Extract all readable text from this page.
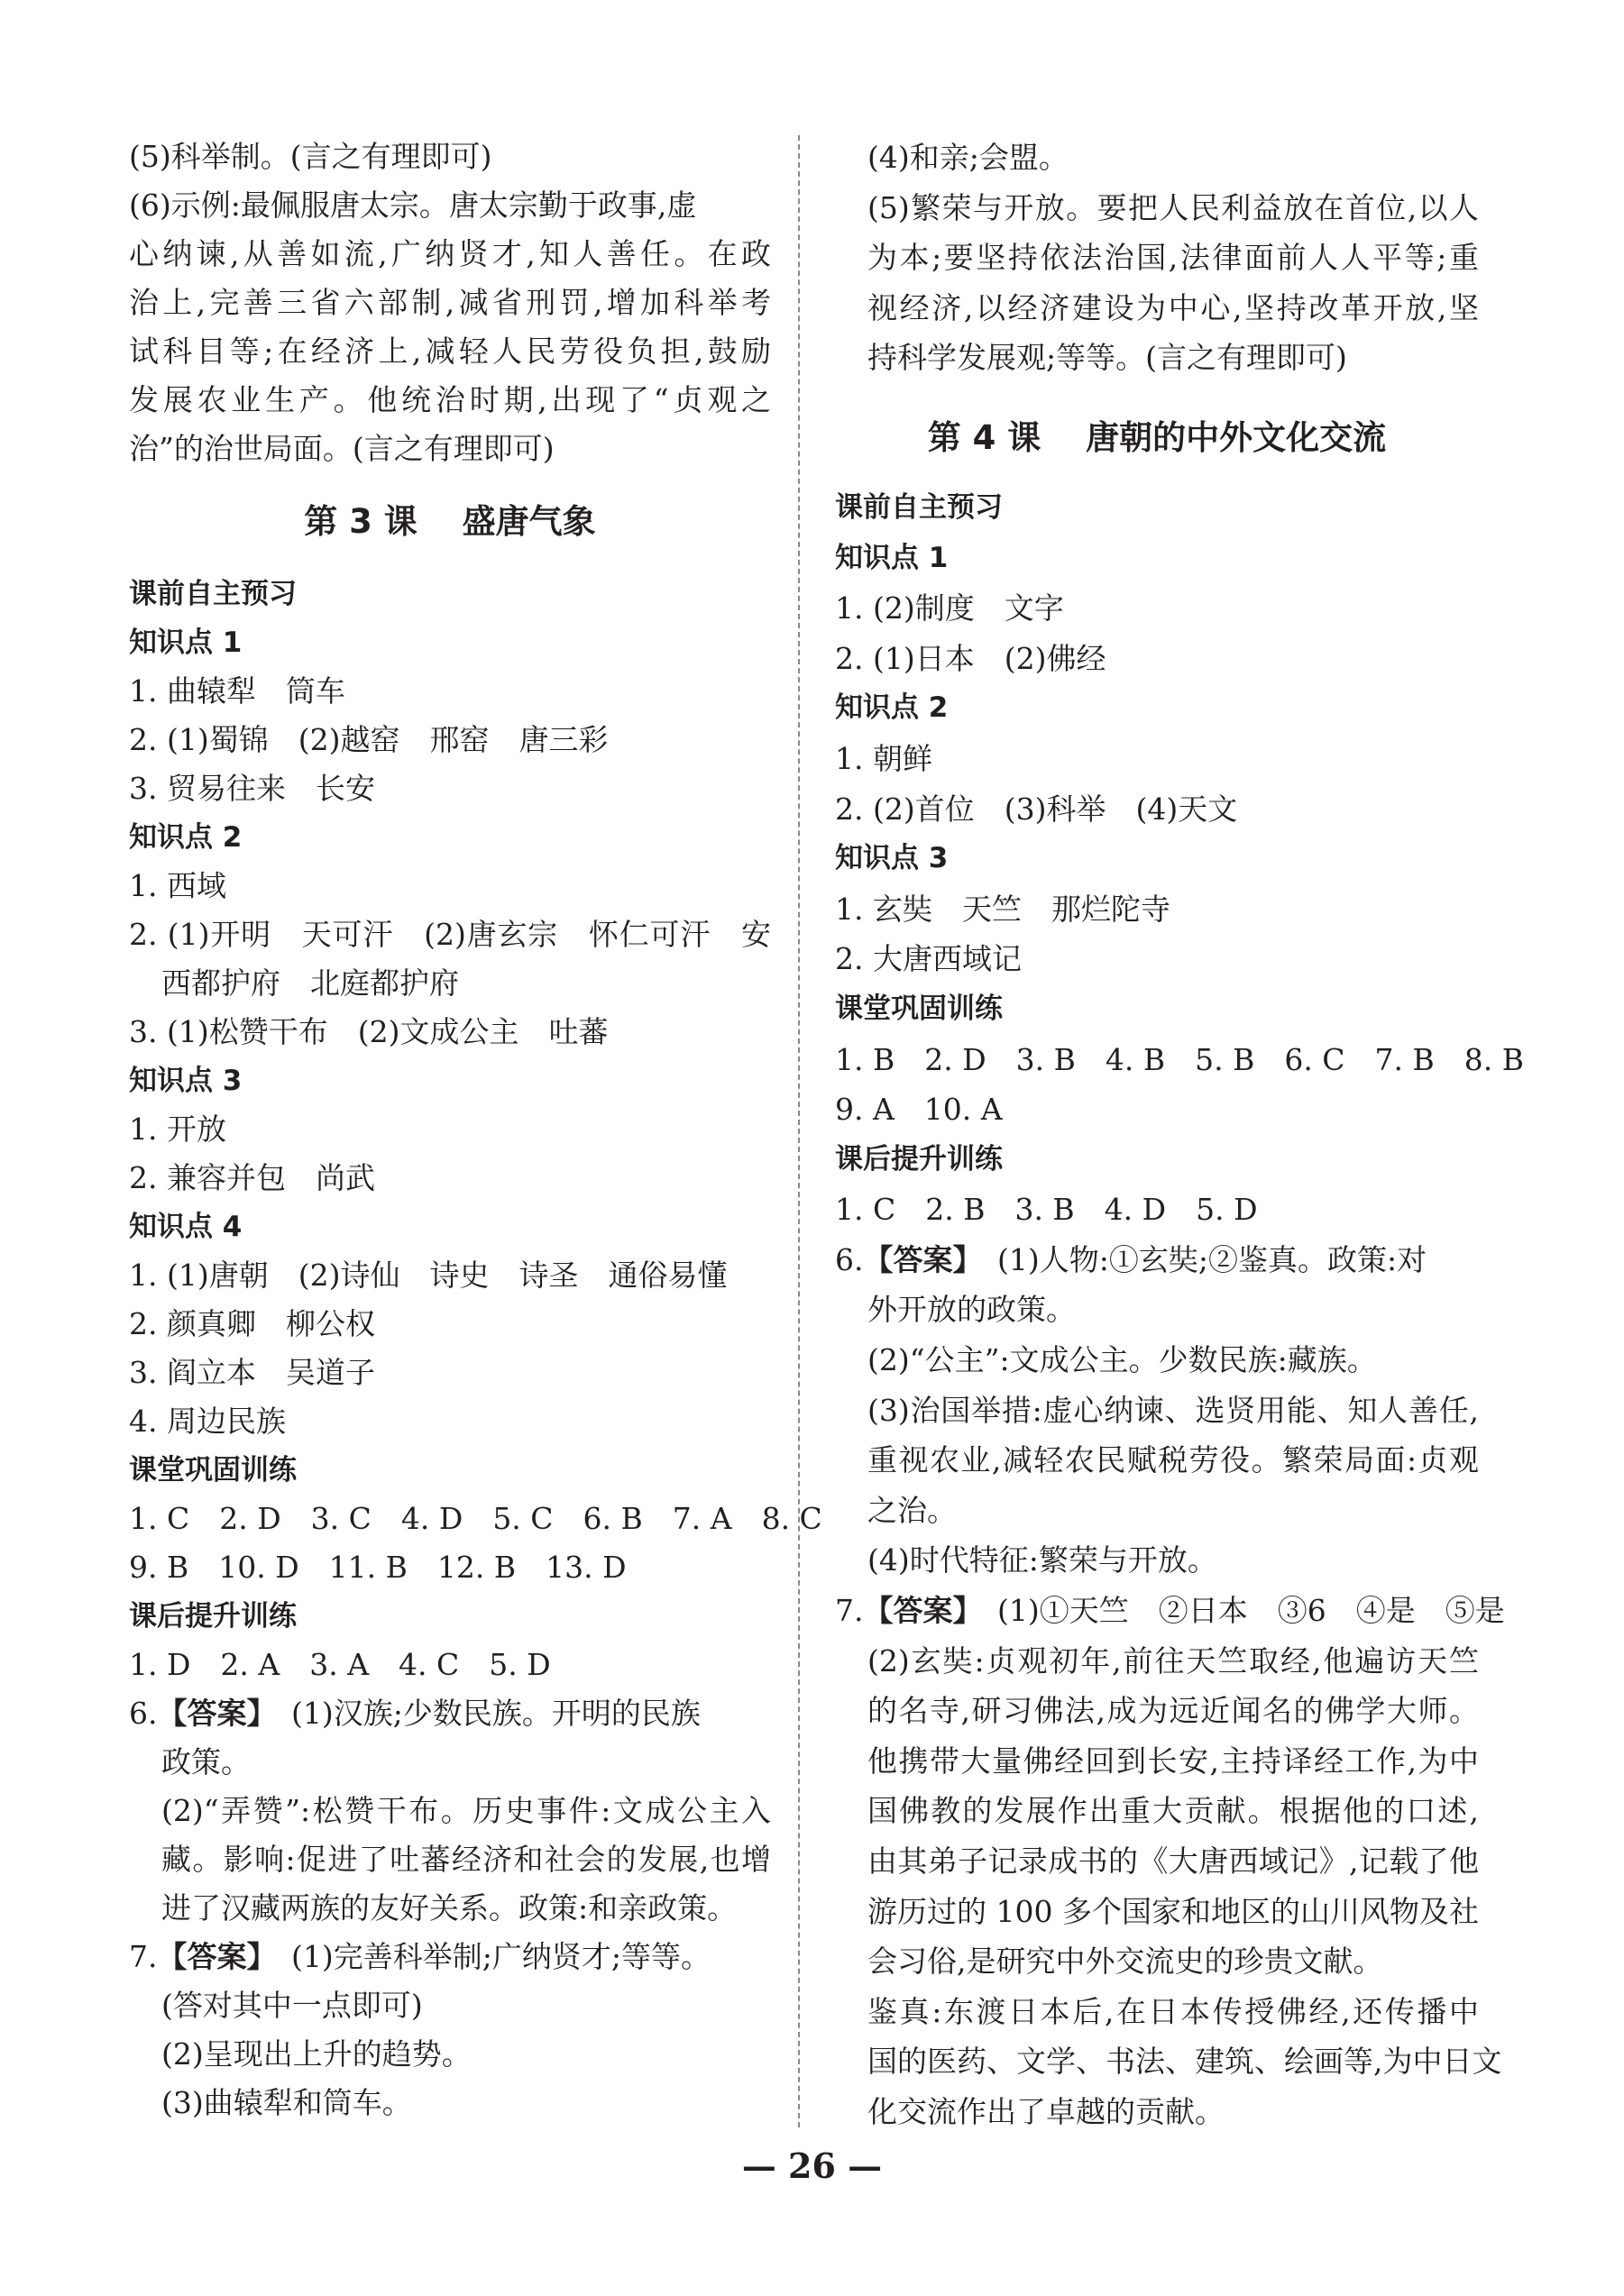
(5)科举制。(言之有理即可)
(6)示例:最佩服唐太宗。唐太宗勤于政事,虚
心纳谏,从善如流,广纳贤才,知人善任。在政
治上,完善三省六部制,减省刑罚,增加科举考
试科目等;在经济上,减轻人民劳役负担,鼓励
发展农业生产。他统治时期,出现了“贞观之
治”的治世局面。(言之有理即可)
第 3 课　 盛唐气象
课前自主预习
知识点 1
1. 曲辕犁　筒车
2. (1)蜀锦　(2)越窑　邢窑　唐三彩
3. 贸易往来　长安
知识点 2
1. 西域
2. (1)开明　天可汗　(2)唐玄宗　怀仁可汗　安
西都护府　北庭都护府
3. (1)松赞干布　(2)文成公主　吐蕃
知识点 3
1. 开放
2. 兼容并包　尚武
知识点 4
1. (1)唐朝　(2)诗仙　诗史　诗圣　通俗易懂
2. 颜真卿　柳公权
3. 阎立本　吴道子
4. 周边民族
课堂巩固训练
1. C　2. D　3. C　4. D　5. C　6. B　7. A　8. C
9. B　10. D　11. B　12. B　13. D
课后提升训练
1. D　2. A　3. A　4. C　5. D
6.【答案】　(1)汉族;少数民族。开明的民族
政策。
(2)“弄赞”:松赞干布。历史事件:文成公主入
藏。影响:促进了吐蕃经济和社会的发展,也增
进了汉藏两族的友好关系。政策:和亲政策。
7.【答案】　(1)完善科举制;广纳贤才;等等。
(答对其中一点即可)
(2)呈现出上升的趋势。
(3)曲辕犁和筒车。
(4)和亲;会盟。
(5)繁荣与开放。要把人民利益放在首位,以人
为本;要坚持依法治国,法律面前人人平等;重
视经济,以经济建设为中心,坚持改革开放,坚
持科学发展观;等等。(言之有理即可)
第 4 课　 唐朝的中外文化交流
课前自主预习
知识点 1
1. (2)制度　文字
2. (1)日本　(2)佛经
知识点 2
1. 朝鲜
2. (2)首位　(3)科举　(4)天文
知识点 3
1. 玄奘　天竺　那烂陀寺
2. 大唐西域记
课堂巩固训练
1. B　2. D　3. B　4. B　5. B　6. C　7. B　8. B
9. A　10. A
课后提升训练
1. C　2. B　3. B　4. D　5. D
6.【答案】　(1)人物:①玄奘;②鉴真。政策:对
外开放的政策。
(2)“公主”:文成公主。少数民族:藏族。
(3)治国举措:虚心纳谏、选贤用能、知人善任,
重视农业,减轻农民赋税劳役。繁荣局面:贞观
之治。
(4)时代特征:繁荣与开放。
7.【答案】　(1)①天竺　②日本　③6　④是　⑤是
(2)玄奘:贞观初年,前往天竺取经,他遍访天竺
的名寺,研习佛法,成为远近闻名的佛学大师。
他携带大量佛经回到长安,主持译经工作,为中
国佛教的发展作出重大贡献。根据他的口述,
由其弟子记录成书的《大唐西域记》,记载了他
游历过的 100 多个国家和地区的山川风物及社
会习俗,是研究中外交流史的珍贵文献。
鉴真:东渡日本后,在日本传授佛经,还传播中
国的医药、文学、书法、建筑、绘画等,为中日文
化交流作出了卓越的贡献。
— 26 —
